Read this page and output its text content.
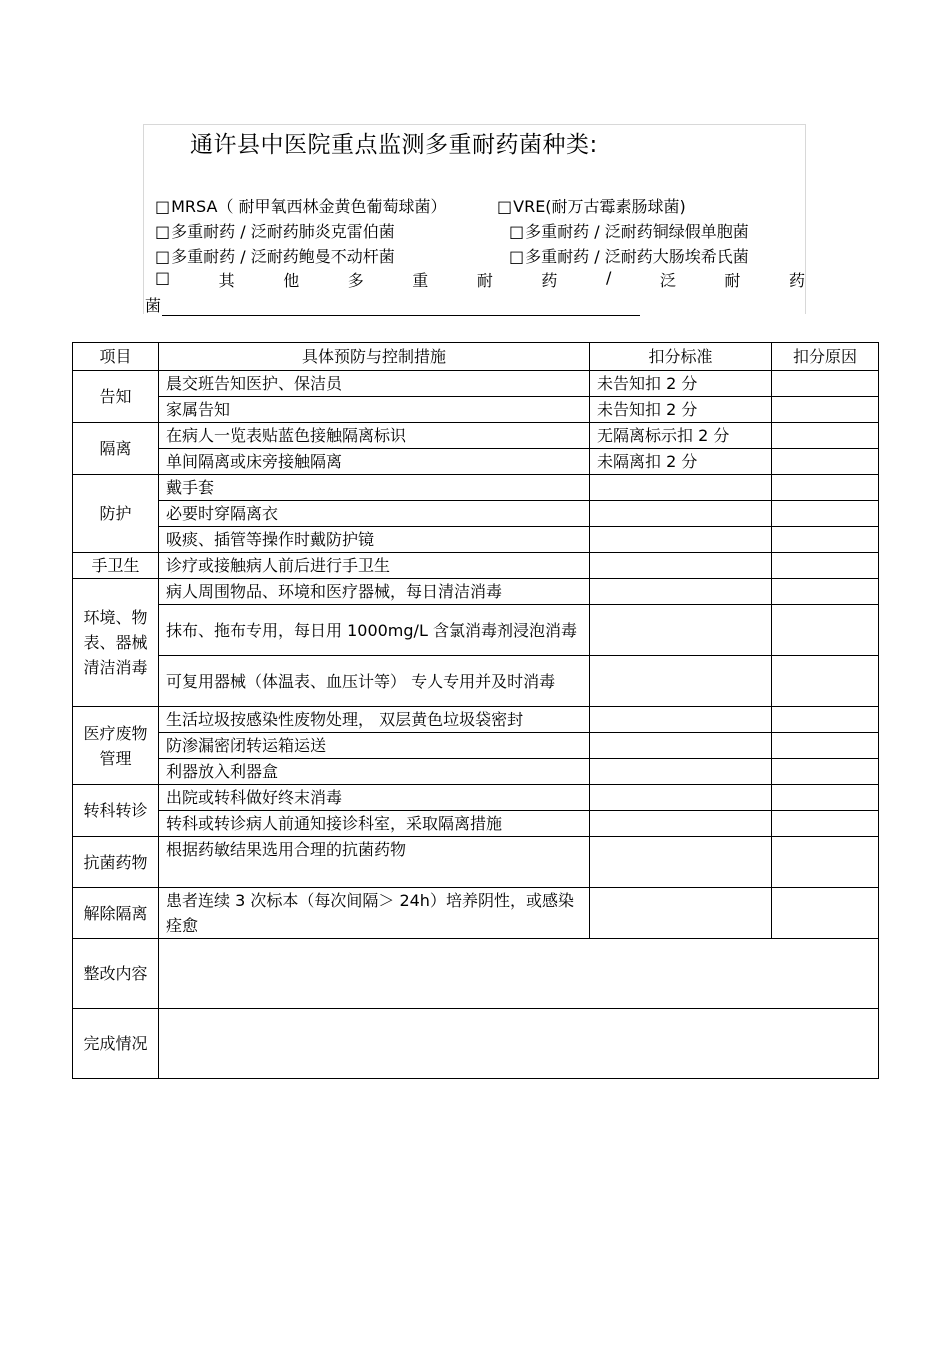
通许县中医院重点监测多重耐药菌种类:
□MRSA（ 耐甲氧西林金黄色葡萄球菌）	□VRE(耐万古霉素肠球菌)
□多重耐药 / 泛耐药肺炎克雷伯菌	□多重耐药 / 泛耐药铜绿假单胞菌
□多重耐药 / 泛耐药鲍曼不动杆菌	□多重耐药 / 泛耐药大肠埃希氏菌
□	其	他	多	重	耐	药	/	泛	耐	药
菌
项目	具体预防与控制措施	扣分标准	扣分原因
告知	晨交班告知医护、保洁员	未告知扣 2 分	
	家属告知	未告知扣 2 分	
隔离	在病人一览表贴蓝色接触隔离标识	无隔离标示扣 2 分	
	单间隔离或床旁接触隔离	未隔离扣 2 分	
防护	戴手套		
	必要时穿隔离衣		
	吸痰、插管等操作时戴防护镜		
手卫生	诊疗或接触病人前后进行手卫生		
环境、物表、器械清洁消毒	病人周围物品、环境和医疗器械，每日清洁消毒		
	抹布、拖布专用，每日用 1000mg/L 含氯消毒剂浸泡消毒		
	可复用器械（体温表、血压计等） 专人专用并及时消毒		
医疗废物管理	生活垃圾按感染性废物处理， 双层黄色垃圾袋密封		
	防渗漏密闭转运箱运送		
	利器放入利器盒		
转科转诊	出院或转科做好终末消毒		
	转科或转诊病人前通知接诊科室，采取隔离措施		
抗菌药物	根据药敏结果选用合理的抗菌药物		
解除隔离	患者连续 3 次标本（每次间隔＞ 24h）培养阴性，或感染痊愈		
整改内容			
完成情况			
